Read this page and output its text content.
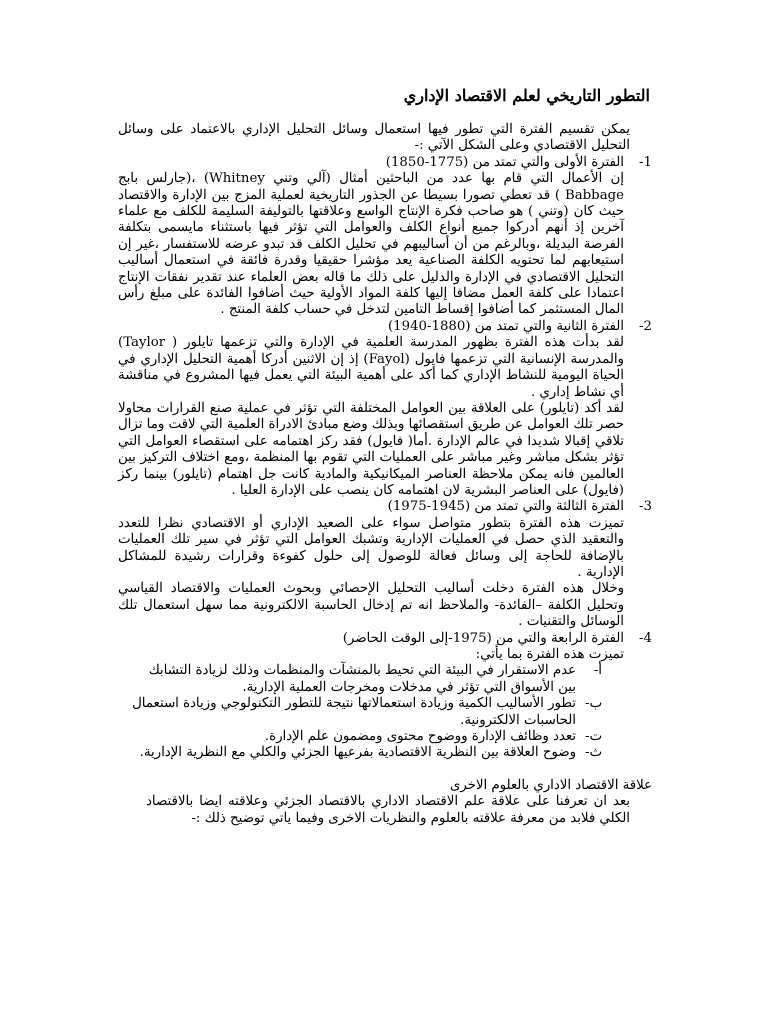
التطور التاريخي لعلم الاقتصاد الإداري

يمكن تقسيم الفترة التي تطور فيها استعمال وسائل التحليل الإداري بالاعتماد على وسائل التحليل الاقتصادي وعلى الشكل الآتي :-

1-
الفترة الأولى والتي تمتد من (1775-1850)

إن الأعمال التي قام بها عدد من الباحثين أمثال (آلي وتني Whitney) ،(جارلس بابج Babbage ) قد تعطي تصورا بسيطا عن الجذور التاريخية لعملية المزج بين الإدارة والاقتصاد حيث كان (وتني ) هو صاحب فكرة الإنتاج الواسع وعلاقتها بالتوليفة السليمة للكلف مع علماء آخرين إذ أنهم أدركوا جميع أنواع الكلف والعوامل التي تؤثر فيها باستثناء مايسمى بتكلفة الفرصة البديلة ،وبالرغم من أن أساليبهم في تحليل الكلف قد تبدو عرضه للاستفسار ،غير إن استيعابهم لما تحتويه الكلفة الصناعية يعد مؤشرا حقيقيا وقدرة فائقة في استعمال أساليب التحليل الاقتصادي في الإدارة والدليل على ذلك ما قاله بعض العلماء عند تقدير نفقات الإنتاج اعتمادا على كلفة العمل مضافا إليها كلفة المواد الأولية حيث أضافوا الفائدة على مبلغ رأس المال المستثمر كما أضافوا إقساط التامين لتدخل في حساب كلفة المنتج .

2-
الفترة الثانية والتي تمتد من (1880-1940)

لقد بدأت هذه الفترة بظهور المدرسة العلمية في الإدارة والتي تزعمها تايلور ( Taylor) والمدرسة الإنسانية التي تزعمها فايول (Fayol) إذ إن الاثنين أدركا أهمية التحليل الإداري في الحياة اليومية للنشاط الإداري كما أكد على أهمية البيئة التي يعمل فيها المشروع في مناقشة أي نشاط إداري .

لقد أكد (تايلور) على العلاقة بين العوامل المختلفة التي تؤثر في عملية صنع القرارات محاولا حصر تلك العوامل عن طريق استقصائها وبذلك وضع مبادئ الادراة العلمية التي لاقت وما تزال تلاقي إقبالا شديدا في عالم الإدارة .أما( فايول) فقد ركز اهتمامه على استقصاء العوامل التي تؤثر بشكل مباشر وغير مباشر على العمليات التي تقوم بها المنظمة ،ومع اختلاف التركيز بين العالمين فانه يمكن ملاحظة العناصر الميكانيكية والمادية كانت جل اهتمام (تايلور) بينما ركز (فايول) على العناصر البشرية لان اهتمامه كان ينصب على الإدارة العليا .

3-
الفترة الثالثة والتي تمتد من (1945-1975)

تميزت هذه الفترة بتطور متواصل سواء على الصعيد الإداري أو الاقتصادي نظرا للتعدد والتعقيد الذي حصل في العمليات الإدارية وتشبك العوامل التي تؤثر في سير تلك العمليات بالإضافة للحاجة إلى وسائل فعالة للوصول إلى حلول كفوءة وقرارات رشيدة للمشاكل الإدارية .

وخلال هذه الفترة دخلت أساليب التحليل الإحصائي وبحوث العمليات والاقتصاد القياسي وتحليل الكلفة –الفائدة- والملاحظ انه تم إدخال الحاسبة الالكترونية مما سهل استعمال تلك الوسائل والتقنيات .

4-
الفترة الرابعة والتي من (1975-إلى الوقت الحاضر)

تميزت هذه الفترة بما يأتي:

أ-
عدم الاستقرار في البيئة التي تحيط بالمنشآت والمنظمات وذلك لزيادة التشابك بين الأسواق التي تؤثر في مدخلات ومخرجات العملية الإدارية.
ب-
تطور الأساليب الكمية وزيادة استعمالاتها نتيجة للتطور التكنولوجي وزيادة استعمال الحاسبات الالكترونية.
ت-
تعدد وظائف الإدارة ووضوح محتوى ومضمون علم الإدارة.
ث-
وضوح العلاقة بين النظرية الاقتصادية بفرعيها الجزئي والكلي مع النظرية الإدارية.
علاقة الاقتصاد الاداري بالعلوم الاخرى

بعد ان تعرفنا على علاقة علم الاقتصاد الاداري بالاقتصاد الجزئي وعلاقته ايضا بالاقتصاد الكلي فلابد من معرفة علاقته بالعلوم والنظريات الاخرى وفيما ياتي توضيح ذلك :-
